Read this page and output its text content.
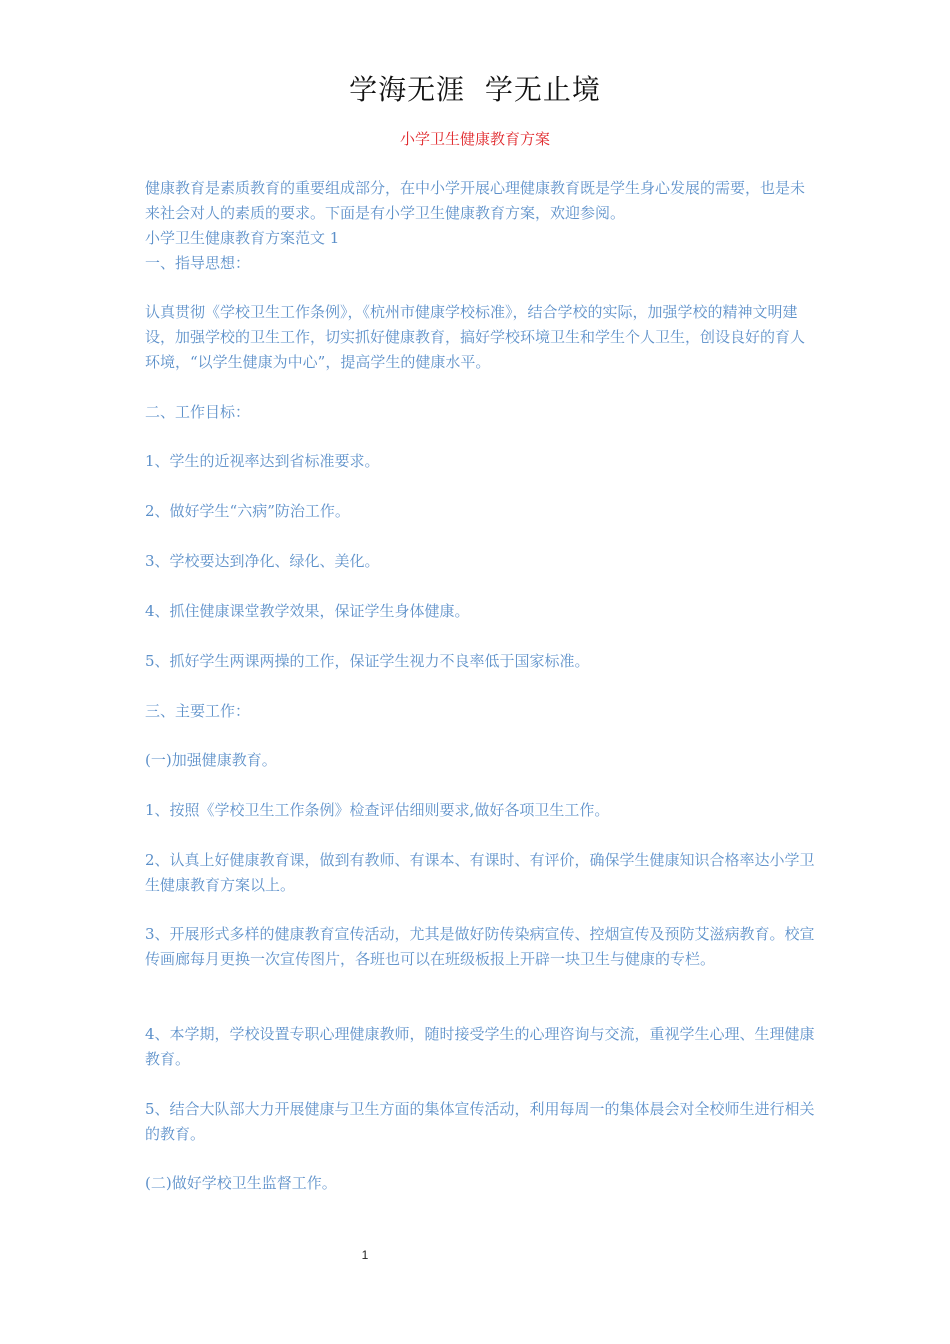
学海无涯  学无止境
小学卫生健康教育方案

健康教育是素质教育的重要组成部分，在中小学开展心理健康教育既是学生身心发展的需要，也是未来社会对人的素质的要求。下面是有小学卫生健康教育方案，欢迎参阅。

小学卫生健康教育方案范文 1

一、指导思想：

认真贯彻《学校卫生工作条例》，《杭州市健康学校标准》，结合学校的实际，加强学校的精神文明建设，加强学校的卫生工作，切实抓好健康教育，搞好学校环境卫生和学生个人卫生，创设良好的育人环境，“以学生健康为中心”，提高学生的健康水平。

二、工作目标：

1、学生的近视率达到省标准要求。

2、做好学生“六病”防治工作。

3、学校要达到净化、绿化、美化。

4、抓住健康课堂教学效果，保证学生身体健康。

5、抓好学生两课两操的工作，保证学生视力不良率低于国家标准。

三、主要工作：

(一)加强健康教育。

1、按照《学校卫生工作条例》检查评估细则要求,做好各项卫生工作。

2、认真上好健康教育课，做到有教师、有课本、有课时、有评价，确保学生健康知识合格率达小学卫生健康教育方案以上。

3、开展形式多样的健康教育宣传活动，尤其是做好防传染病宣传、控烟宣传及预防艾滋病教育。校宣传画廊每月更换一次宣传图片，各班也可以在班级板报上开辟一块卫生与健康的专栏。

4、本学期，学校设置专职心理健康教师，随时接受学生的心理咨询与交流，重视学生心理、生理健康教育。

5、结合大队部大力开展健康与卫生方面的集体宣传活动，利用每周一的集体晨会对全校师生进行相关的教育。

(二)做好学校卫生监督工作。

1
